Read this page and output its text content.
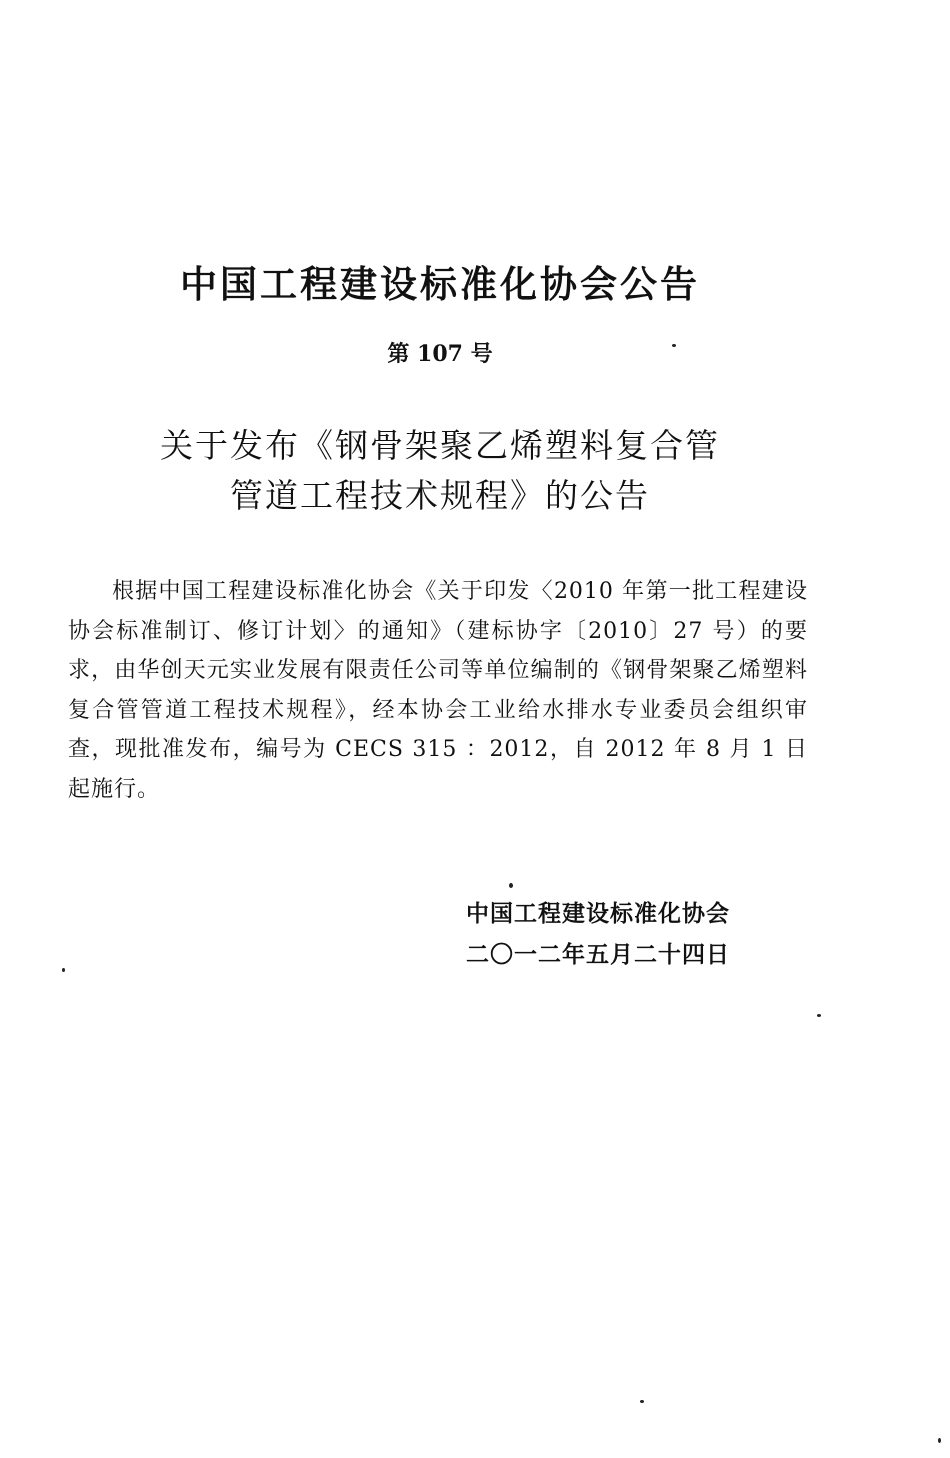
中国工程建设标准化协会公告
第 107 号
关于发布《钢骨架聚乙烯塑料复合管
管道工程技术规程》的公告

根据中国工程建设标准化协会《关于印发〈2010 年第一批工程建设协会标准制订、修订计划〉的通知》（建标协字〔2010〕27 号）的要求，由华创天元实业发展有限责任公司等单位编制的《钢骨架聚乙烯塑料复合管管道工程技术规程》，经本协会工业给水排水专业委员会组织审查，现批准发布，编号为 CECS 315 ：2012，自 2012 年 8 月 1 日起施行。

中国工程建设标准化协会
二〇一二年五月二十四日
